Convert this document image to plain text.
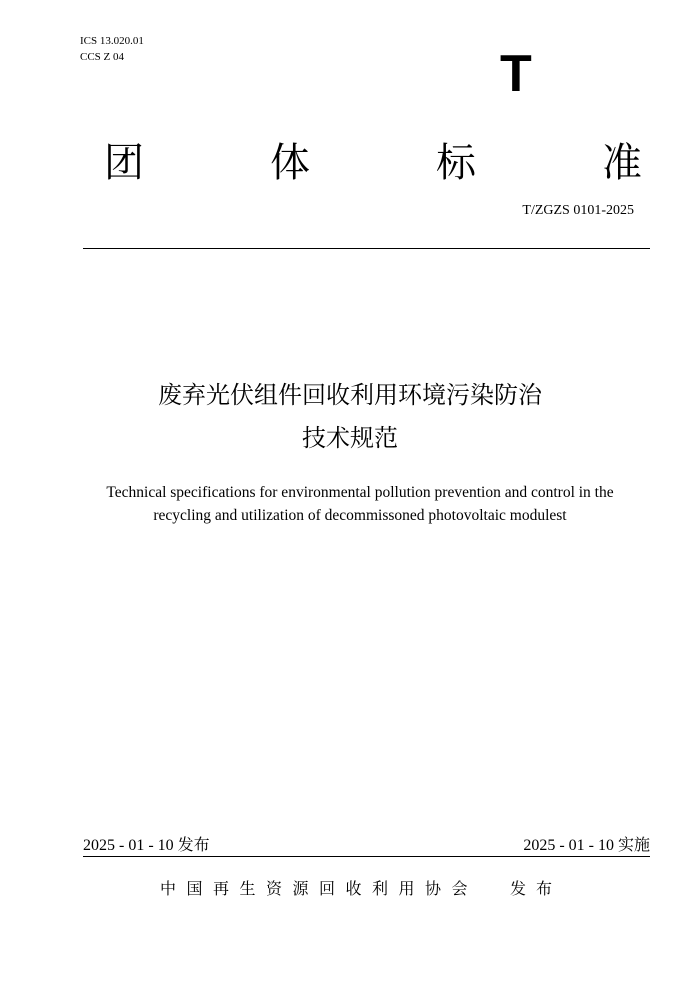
ICS 13.020.01
CCS Z 04	T
团	体	标	准
T/ZGZS 0101-2025
废弃光伏组件回收利用环境污染防治
技术规范
Technical specifications for environmental pollution prevention and control in the
recycling and utilization of decommissoned photovoltaic modulest
2025 - 01 - 10 发布	2025 - 01 - 10 实施
中国再生资源回收利用协会 发布
